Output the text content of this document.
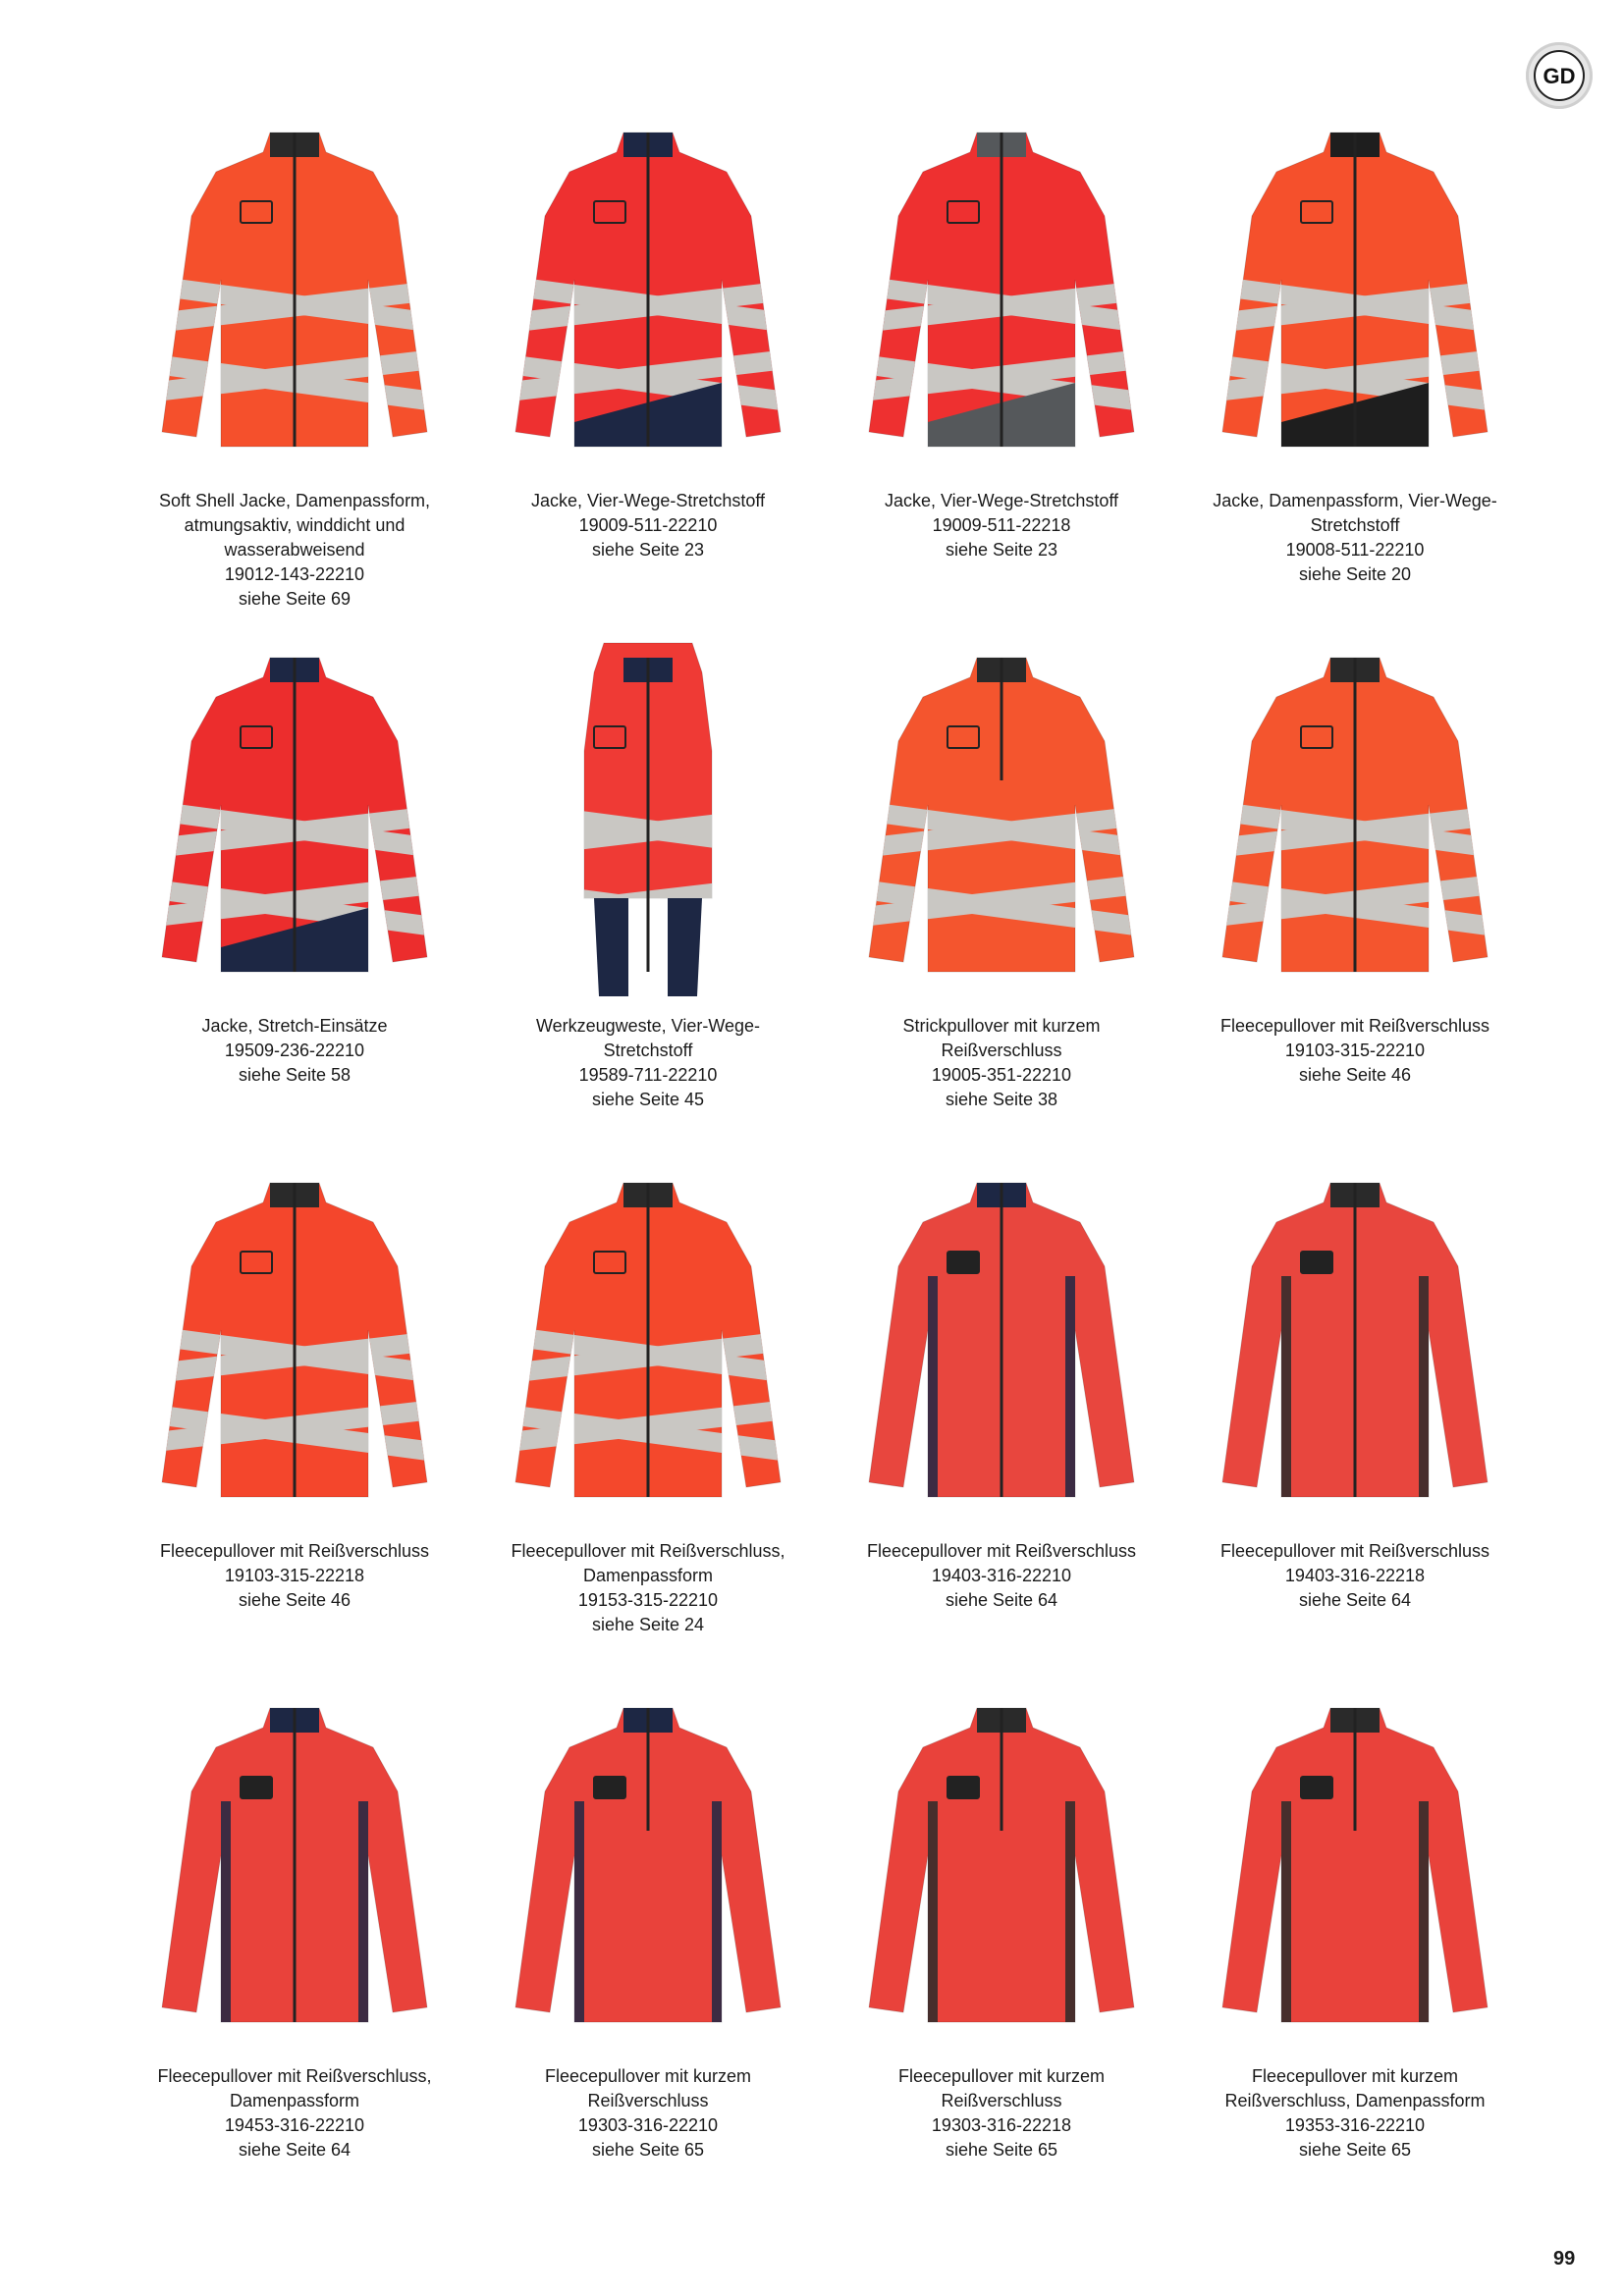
GD
Soft Shell Jacke, Damenpassform,
atmungsaktiv, winddicht und
wasserabweisend
19012-143-22210
siehe Seite 69
Jacke, Vier-Wege-Stretchstoff
19009-511-22210
siehe Seite 23
Jacke, Vier-Wege-Stretchstoff
19009-511-22218
siehe Seite 23
Jacke, Damenpassform, Vier-Wege-
Stretchstoff
19008-511-22210
siehe Seite 20
Jacke, Stretch-Einsätze
19509-236-22210
siehe Seite 58
Werkzeugweste, Vier-Wege-
Stretchstoff
19589-711-22210
siehe Seite 45
Strickpullover mit kurzem
Reißverschluss
19005-351-22210
siehe Seite 38
Fleecepullover mit Reißverschluss
19103-315-22210
siehe Seite 46
Fleecepullover mit Reißverschluss
19103-315-22218
siehe Seite 46
Fleecepullover mit Reißverschluss,
Damenpassform
19153-315-22210
siehe Seite 24
Fleecepullover mit Reißverschluss
19403-316-22210
siehe Seite 64
Fleecepullover mit Reißverschluss
19403-316-22218
siehe Seite 64
Fleecepullover mit Reißverschluss,
Damenpassform
19453-316-22210
siehe Seite 64
Fleecepullover mit kurzem
Reißverschluss
19303-316-22210
siehe Seite 65
Fleecepullover mit kurzem
Reißverschluss
19303-316-22218
siehe Seite 65
Fleecepullover mit kurzem
Reißverschluss, Damenpassform
19353-316-22210
siehe Seite 65
99
